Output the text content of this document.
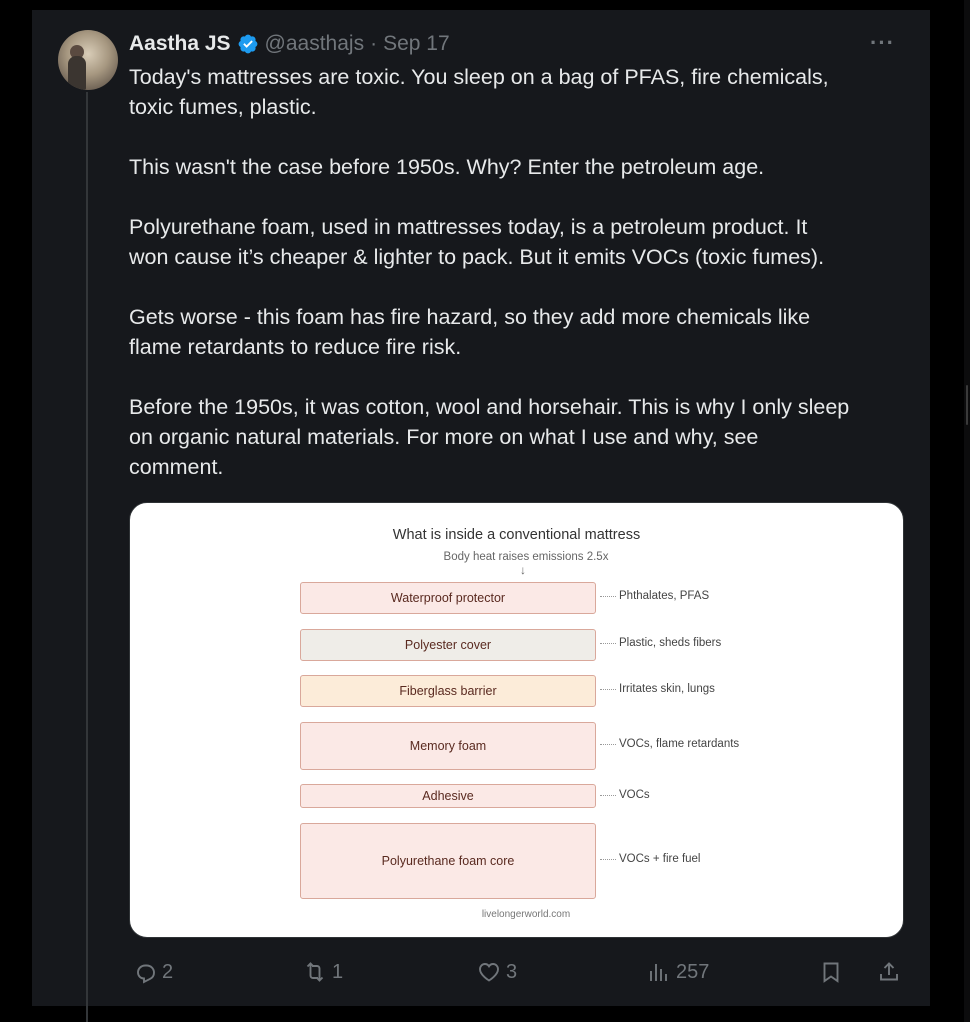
Aastha JS @aasthajs · Sep 17	···

Today's mattresses are toxic. You sleep on a bag of PFAS, fire chemicals,
toxic fumes, plastic.

This wasn't the case before 1950s. Why? Enter the petroleum age.

Polyurethane foam, used in mattresses today, is a petroleum product. It
won cause it’s cheaper & lighter to pack. But it emits VOCs (toxic fumes).

Gets worse - this foam has fire hazard, so they add more chemicals like
flame retardants to reduce fire risk.

Before the 1950s, it was cotton, wool and horsehair. This is why I only sleep
on organic natural materials. For more on what I use and why, see
comment.

What is inside a conventional mattress
Body heat raises emissions 2.5x
↓
Waterproof protector	Phthalates, PFAS
Polyester cover	Plastic, sheds fibers
Fiberglass barrier	Irritates skin, lungs
Memory foam	VOCs, flame retardants
Adhesive	VOCs
Polyurethane foam core	VOCs + fire fuel
livelongerworld.com
2	1	3	257
